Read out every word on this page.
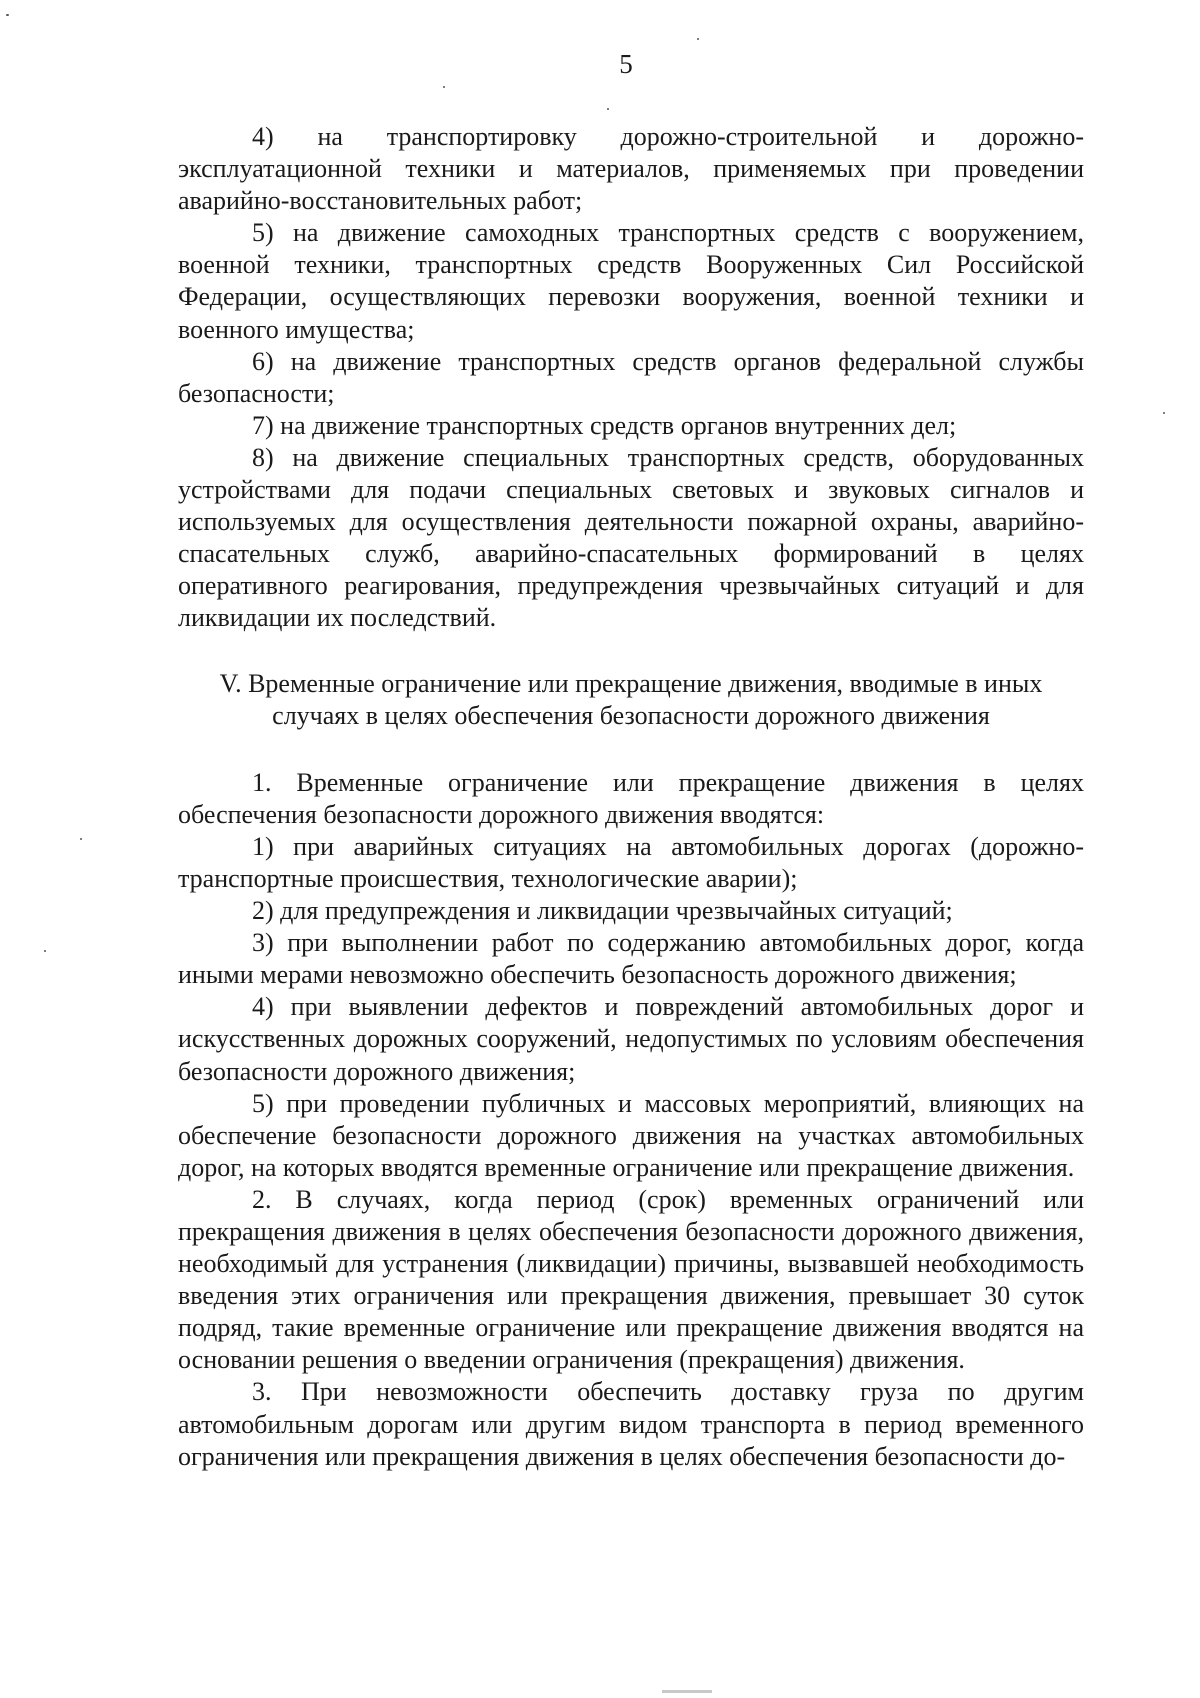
5

4) на транспортировку дорожно-строительной и дорожно-эксплуатационной техники и материалов, применяемых при проведении аварийно-восстановительных работ;

5) на движение самоходных транспортных средств с вооружением, военной техники, транспортных средств Вооруженных Сил Российской Федерации, осуществляющих перевозки вооружения, военной техники и военного имущества;

6) на движение транспортных средств органов федеральной службы безопасности;

7) на движение транспортных средств органов внутренних дел;

8) на движение специальных транспортных средств, оборудованных устройствами для подачи специальных световых и звуковых сигналов и используемых для осуществления деятельности пожарной охраны, аварийно-спасательных служб, аварийно-спасательных формирований в целях оперативного реагирования, предупреждения чрезвычайных ситуаций и для ликвидации их последствий.

V. Временные ограничение или прекращение движения, вводимые в иных
случаях в целях обеспечения безопасности дорожного движения

1. Временные ограничение или прекращение движения в целях обеспечения безопасности дорожного движения вводятся:

1) при аварийных ситуациях на автомобильных дорогах (дорожно-транспортные происшествия, технологические аварии);

2) для предупреждения и ликвидации чрезвычайных ситуаций;

3) при выполнении работ по содержанию автомобильных дорог, когда иными мерами невозможно обеспечить безопасность дорожного движения;

4) при выявлении дефектов и повреждений автомобильных дорог и искусственных дорожных сооружений, недопустимых по условиям обеспечения безопасности дорожного движения;

5) при проведении публичных и массовых мероприятий, влияющих на обеспечение безопасности дорожного движения на участках автомобильных дорог, на которых вводятся временные ограничение или прекращение движения.

2. В случаях, когда период (срок) временных ограничений или прекращения движения в целях обеспечения безопасности дорожного движения, необходимый для устранения (ликвидации) причины, вызвавшей необходимость введения этих ограничения или прекращения движения, превышает 30 суток подряд, такие временные ограничение или прекращение движения вводятся на основании решения о введении ограничения (прекращения) движения.

3. При невозможности обеспечить доставку груза по другим автомобильным дорогам или другим видом транспорта в период временного ограничения или прекращения движения в целях обеспечения безопасности до-
